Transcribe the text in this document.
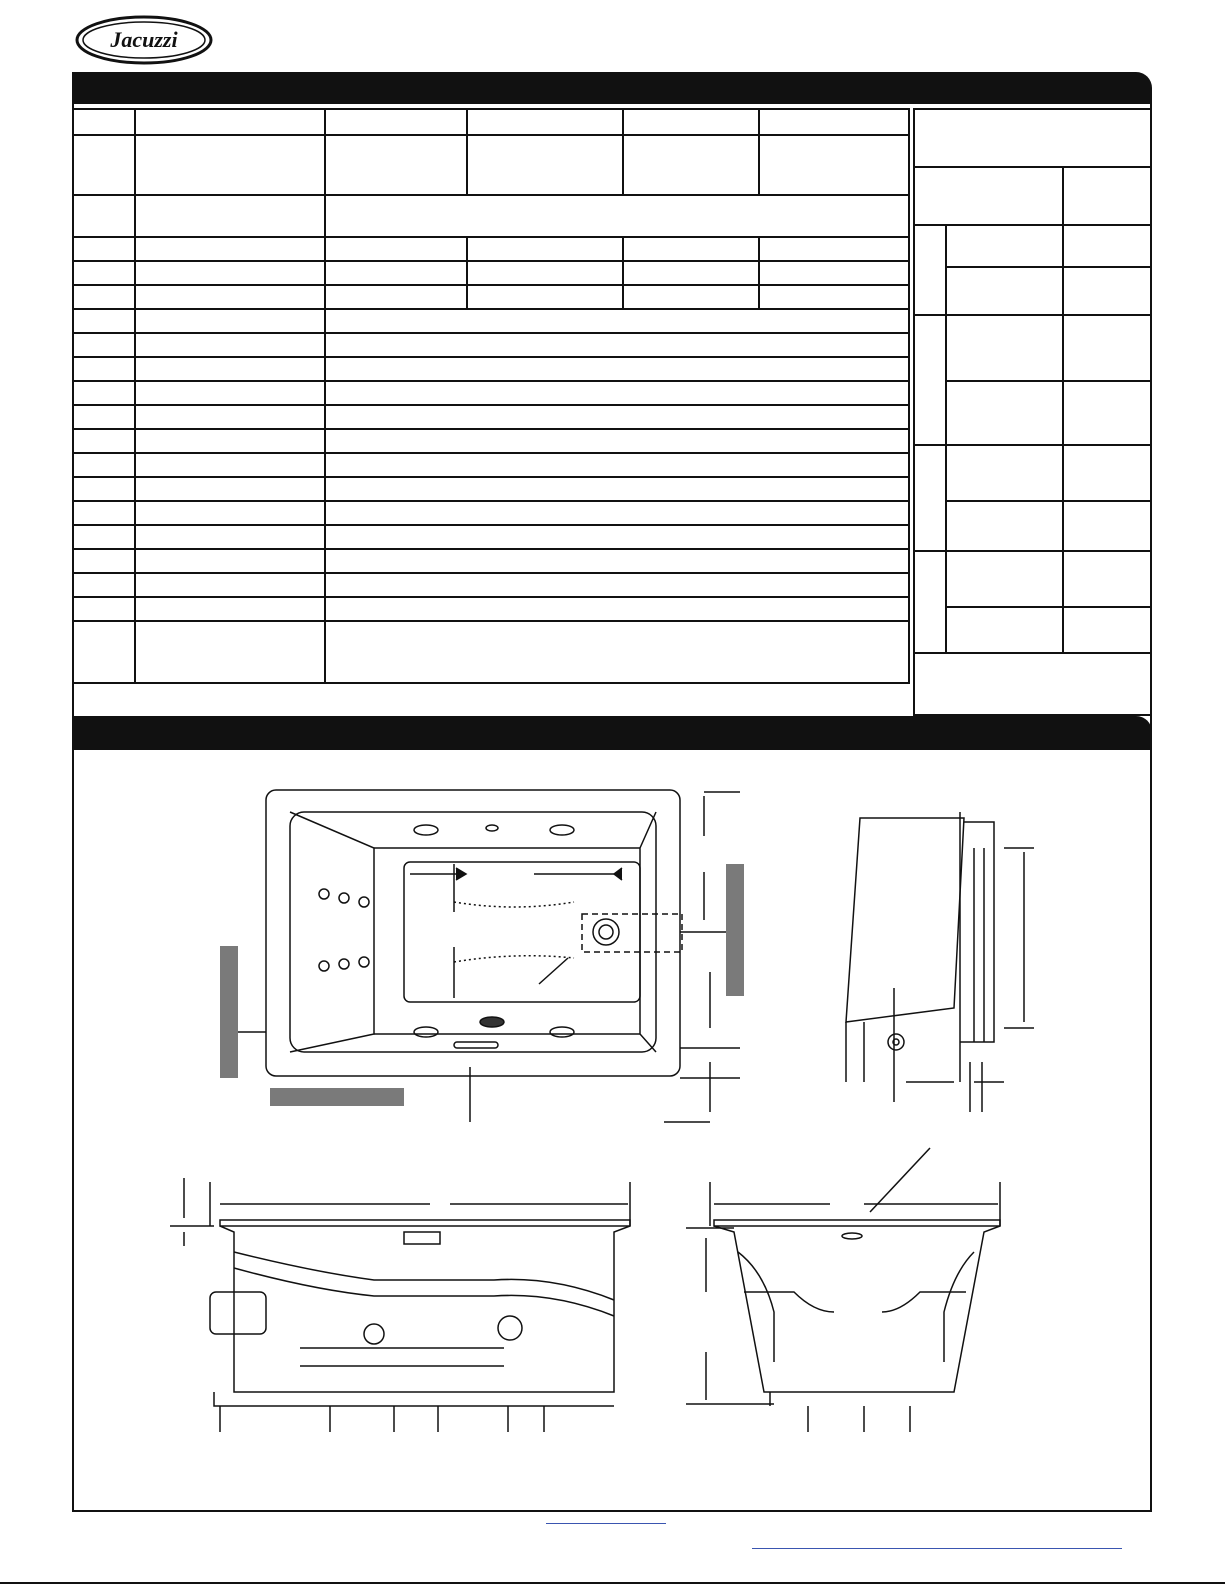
Jacuzzi
